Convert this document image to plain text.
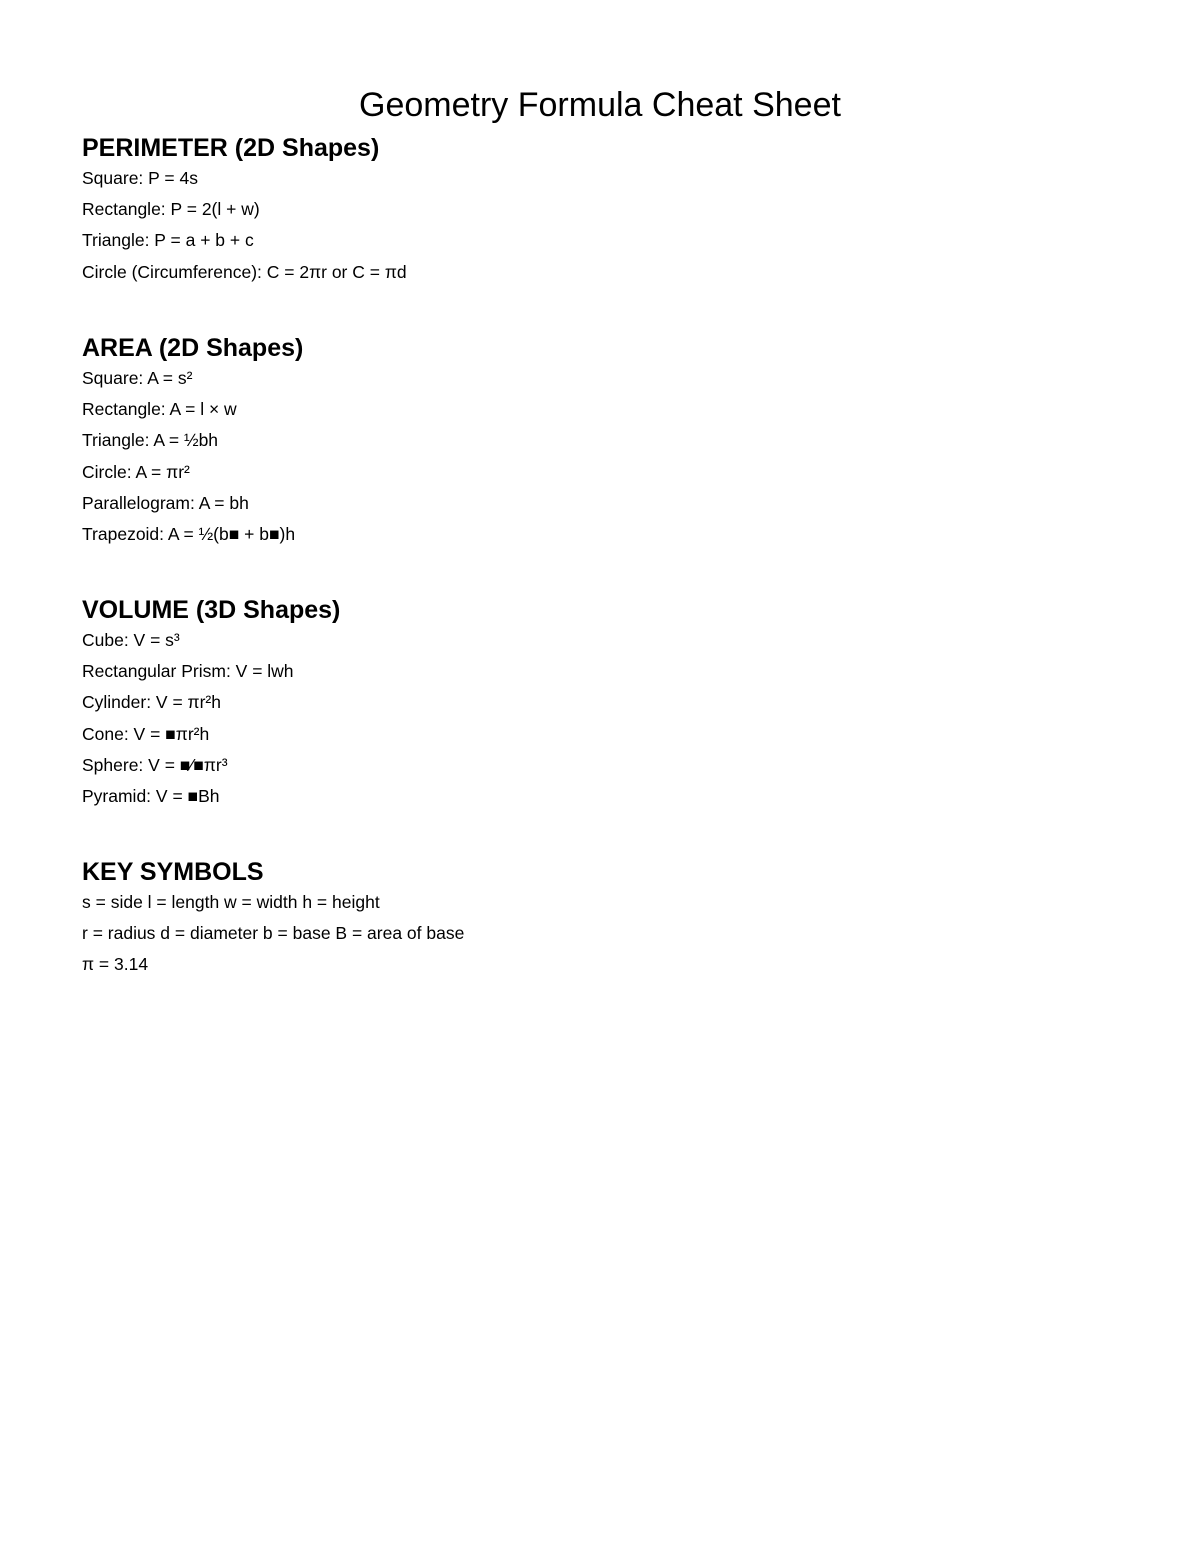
Geometry Formula Cheat Sheet
PERIMETER (2D Shapes)

Square: P = 4s

Rectangle: P = 2(l + w)

Triangle: P = a + b + c

Circle (Circumference): C = 2πr or C = πd

AREA (2D Shapes)

Square: A = s²

Rectangle: A = l × w

Triangle: A = ½bh

Circle: A = πr²

Parallelogram: A = bh

Trapezoid: A = ½(b■ + b■)h

VOLUME (3D Shapes)

Cube: V = s³

Rectangular Prism: V = lwh

Cylinder: V = πr²h

Cone: V = ■πr²h

Sphere: V = ■⁄■πr³

Pyramid: V = ■Bh

KEY SYMBOLS

s = side l = length w = width h = height

r = radius d = diameter b = base B = area of base

π = 3.14
